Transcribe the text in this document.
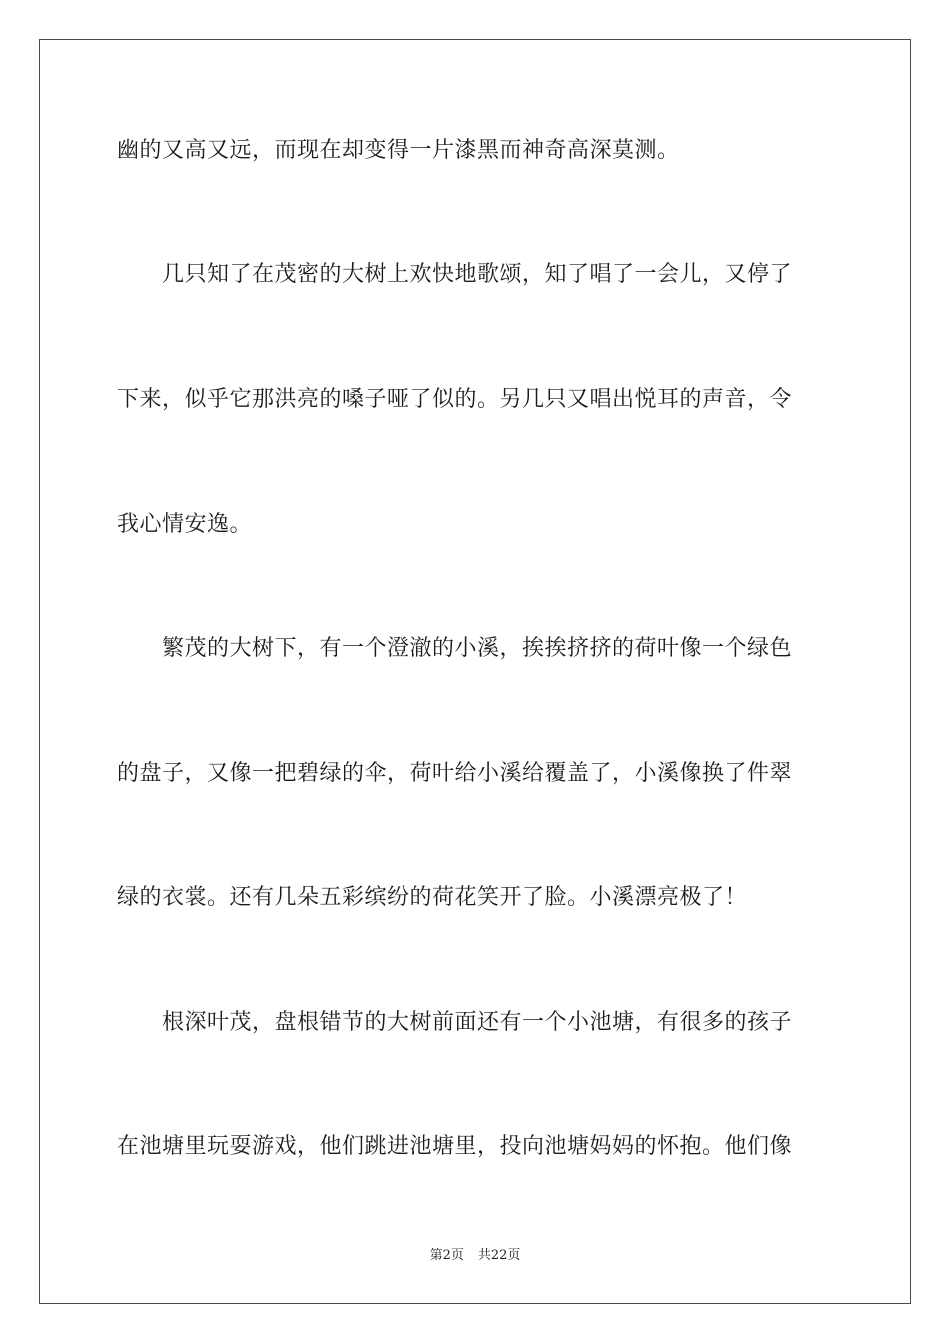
幽的又高又远，而现在却变得一片漆黑而神奇高深莫测。
　　几只知了在茂密的大树上欢快地歌颂，知了唱了一会儿，又停了
下来，似乎它那洪亮的嗓子哑了似的。另几只又唱出悦耳的声音，令
我心情安逸。
　　繁茂的大树下，有一个澄澈的小溪，挨挨挤挤的荷叶像一个绿色
的盘子，又像一把碧绿的伞，荷叶给小溪给覆盖了，小溪像换了件翠
绿的衣裳。还有几朵五彩缤纷的荷花笑开了脸。小溪漂亮极了！
　　根深叶茂，盘根错节的大树前面还有一个小池塘，有很多的孩子
在池塘里玩耍游戏，他们跳进池塘里，投向池塘妈妈的怀抱。他们像
第2页 共22页
